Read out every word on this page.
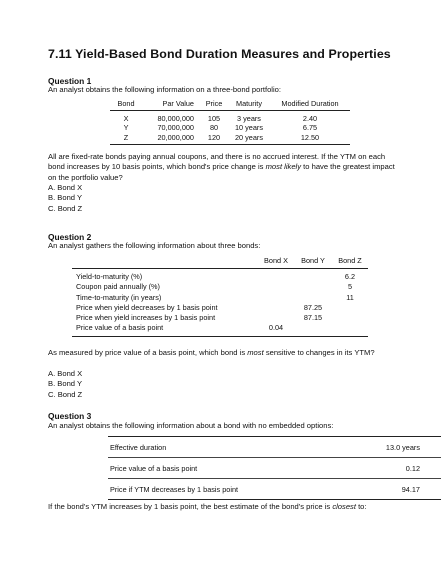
7.11 Yield-Based Bond Duration Measures and Properties
Question 1
An analyst obtains the following information on a three-bond portfolio:
Bond	Par Value	Price	Maturity	Modified Duration
X	80,000,000	105	3 years	2.40
Y	70,000,000	80	10 years	6.75
Z	20,000,000	120	20 years	12.50
All are fixed-rate bonds paying annual coupons, and there is no accrued interest. If the YTM on each bond increases by 10 basis points, which bond's price change is most likely to have the greatest impact on the portfolio value?
A. Bond X
B. Bond Y
C. Bond Z
Question 2
An analyst gathers the following information about three bonds:
	Bond X	Bond Y	Bond Z
Yield-to-maturity (%)			6.2
Coupon paid annually (%)			5
Time-to-maturity (in years)			11
Price when yield decreases by 1 basis point		87.25	
Price when yield increases by 1 basis point		87.15	
Price value of a basis point	0.04		
As measured by price value of a basis point, which bond is most sensitive to changes in its YTM?
A. Bond X
B. Bond Y
C. Bond Z
Question 3
An analyst obtains the following information about a bond with no embedded options:
Effective duration	13.0 years
Price value of a basis point	0.12
Price if YTM decreases by 1 basis point	94.17
If the bond's YTM increases by 1 basis point, the best estimate of the bond's price is closest to:
